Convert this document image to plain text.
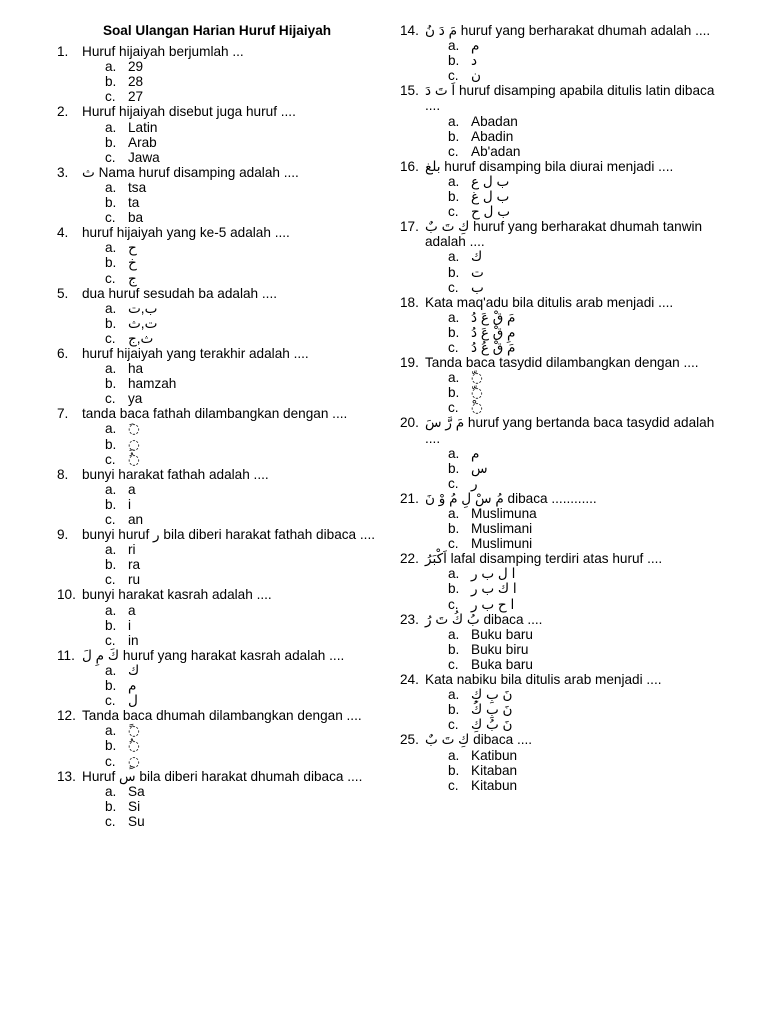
Soal Ulangan Harian Huruf Hijaiyah
1.	Huruf hijaiyah berjumlah ...
a. 29
b. 28
c. 27
2.	Huruf hijaiyah disebut juga huruf ....
a. Latin
b. Arab
c. Jawa
3.	ث Nama huruf disamping adalah ....
a. tsa
b. ta
c. ba
4.	huruf hijaiyah yang ke-5 adalah ....
a. ح
b. خ
c. ج
5.	dua huruf sesudah ba adalah ....
a. ب,ت
b. ت,ث
c. ث,ج
6.	huruf hijaiyah yang terakhir adalah ....
a. ha
b. hamzah
c. ya
7.	tanda baca fathah dilambangkan dengan ....
a. ◌َ
b. ◌ِ
c. ◌ُ
8.	bunyi harakat fathah adalah ....
a. a
b. i
c. an
9.	bunyi huruf ر bila diberi harakat fathah dibaca ....
a. ri
b. ra
c. ru
10. bunyi harakat kasrah adalah ....
a. a
b. i
c. in
11. كَ مِ لَ huruf yang harakat kasrah adalah ....
a. ك
b. م
c. ل
12. Tanda baca dhumah dilambangkan dengan ....
a. ◌ً
b. ◌ُ
c. ◌ٍ
13. Huruf س bila diberi harakat dhumah dibaca ....
a. Sa
b. Si
c. Su
14. مَ دَ نُ huruf yang berharakat dhumah adalah ....
a. م
b. د
c. ن
15. اَ تَ دَ huruf disamping apabila ditulis latin dibaca ....
a. Abadan
b. Abadin
c. Ab'adan
16. بلغ huruf disamping bila diurai menjadi ....
a. ب ل ع
b. ب ل غ
c. ب ل ح
17. كِ تَ بٌ huruf yang berharakat dhumah tanwin adalah ....
a. ك
b. ت
c. ب
18. Kata maq'adu bila ditulis arab menjadi ....
a. مَ قْ عَ دُ
b. مِ قْ عَ دُ
c. مَ قْ عُ دُ
19. Tanda baca tasydid dilambangkan dengan ....
a. ◌ّ
b. ◌ّ
c. ◌ْ
20. مَ رَّ سَ huruf yang bertanda baca tasydid adalah ....
a. م
b. س
c. ر
21. مُ سْ لِ مُ وْ نَ dibaca ............
a. Muslimuna
b. Muslimani
c. Muslimuni
22. اَكْبَرُ lafal disamping terdiri atas huruf ....
a. ا ل ب ر
b. ا ك ب ر
c. ا ح ب ر
23. بُ كُ تَ رُ dibaca ....
a. Buku baru
b. Buku biru
c. Buka baru
24. Kata nabiku bila ditulis arab menjadi ....
a. نَ بِ كِ
b. نَ بِ كُ
c. نَ بُ كِ
25. كِ تَ بٌ dibaca ....
a. Katibun
b. Kitaban
c. Kitabun
